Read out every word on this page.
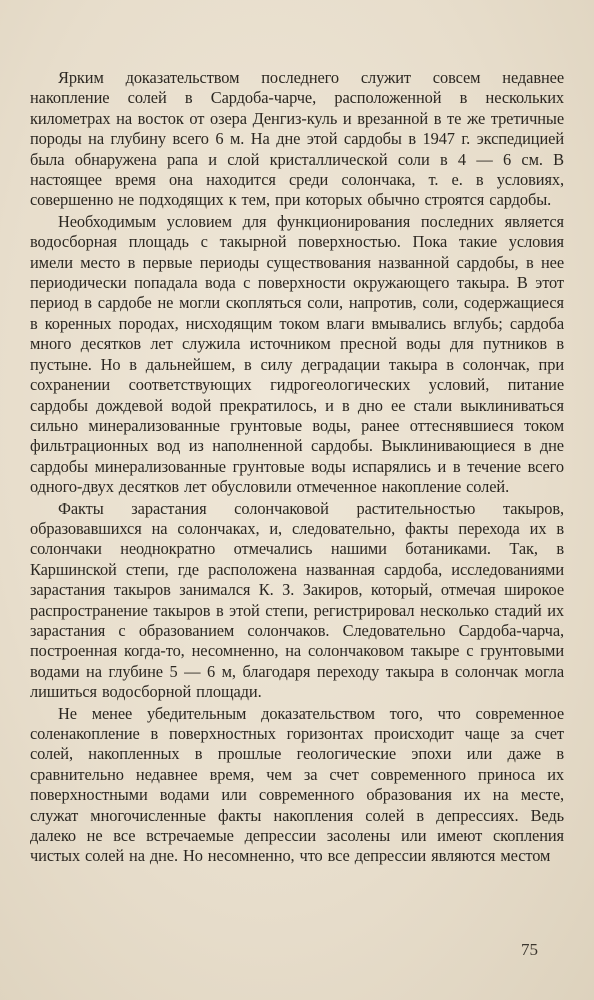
Ярким доказательством последнего служит совсем недавнее накопление солей в Сардоба-чарче, расположенной в нескольких километрах на восток от озера Денгиз-куль и врезанной в те же третичные породы на глубину всего 6 м. На дне этой сардобы в 1947 г. экспедицией была обнаружена рапа и слой кристаллической соли в 4 — 6 см. В настоящее время она находится среди солончака, т. е. в условиях, совершенно не подходящих к тем, при которых обычно строятся сардобы.

Необходимым условием для функционирования последних является водосборная площадь с такырной поверхностью. Пока такие условия имели место в первые периоды существования названной сардобы, в нее периодически попадала вода с поверхности окружающего такыра. В этот период в сардобе не могли скопляться соли, напротив, соли, содержащиеся в коренных породах, нисходящим током влаги вмывались вглубь; сардоба много десятков лет служила источником пресной воды для путников в пустыне. Но в дальнейшем, в силу деградации такыра в солончак, при сохранении соответствующих гидрогеологических условий, питание сардобы дождевой водой прекратилось, и в дно ее стали выклиниваться сильно минерализованные грунтовые воды, ранее оттеснявшиеся током фильтрационных вод из наполненной сардобы. Выклинивающиеся в дне сардобы минерализованные грунтовые воды испарялись и в течение всего одного-двух десятков лет обусловили отмеченное накопление солей.

Факты зарастания солончаковой растительностью такыров, образовавшихся на солончаках, и, следовательно, факты перехода их в солончаки неоднократно отмечались нашими ботаниками. Так, в Каршинской степи, где расположена названная сардоба, исследованиями зарастания такыров занимался К. З. Закиров, который, отмечая широкое распространение такыров в этой степи, регистрировал несколько стадий их зарастания с образованием солончаков. Следовательно Сардоба-чарча, построенная когда-то, несомненно, на солончаковом такыре с грунтовыми водами на глубине 5 — 6 м, благодаря переходу такыра в солончак могла лишиться водосборной площади.

Не менее убедительным доказательством того, что современное соленакопление в поверхностных горизонтах происходит чаще за счет солей, накопленных в прошлые геологические эпохи или даже в сравнительно недавнее время, чем за счет современного приноса их поверхностными водами или современного образования их на месте, служат многочисленные факты накопления солей в депрессиях. Ведь далеко не все встречаемые депрессии засолены или имеют скопления чистых солей на дне. Но несомненно, что все депрессии являются местом

75
